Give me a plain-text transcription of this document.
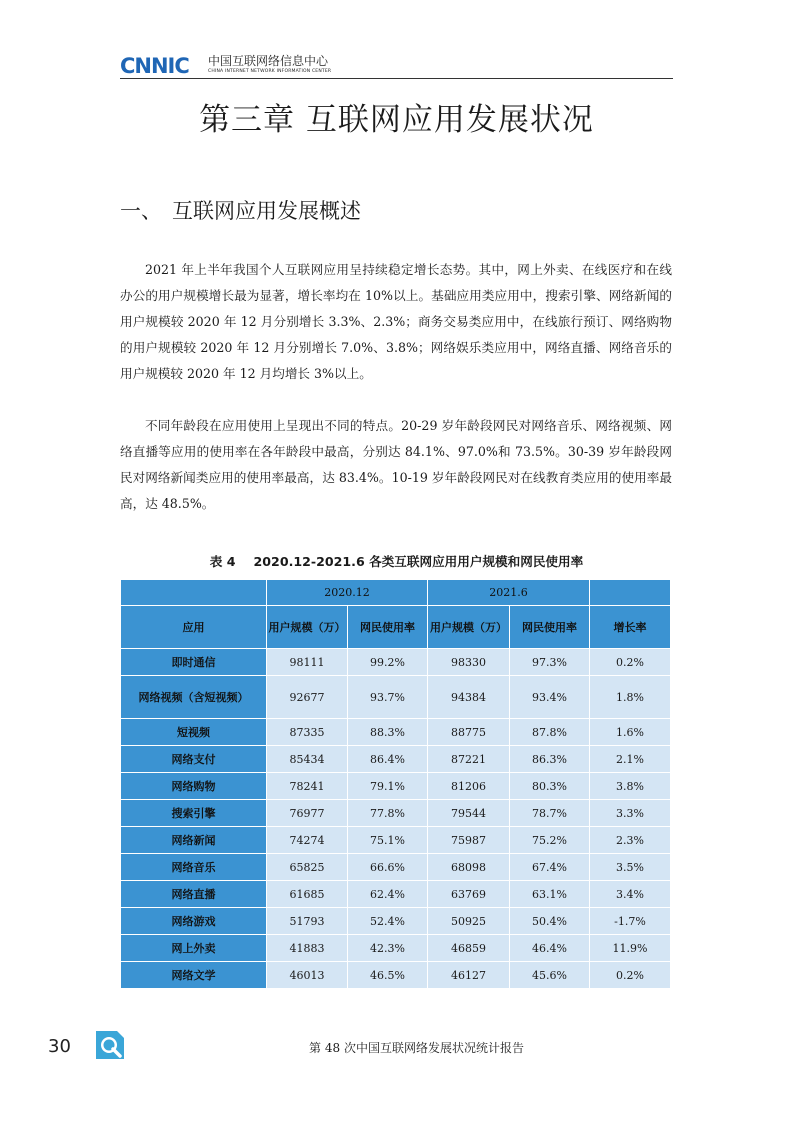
CNNIC 中国互联网络信息中心
CHINA INTERNET NETWORK INFORMATION CENTER
第三章 互联网应用发展状况
一、 互联网应用发展概述

2021 年上半年我国个人互联网应用呈持续稳定增长态势。其中，网上外卖、在线医疗和在线办公的用户规模增长最为显著，增长率均在 10%以上。基础应用类应用中，搜索引擎、网络新闻的用户规模较 2020 年 12 月分别增长 3.3%、2.3%；商务交易类应用中，在线旅行预订、网络购物的用户规模较 2020 年 12 月分别增长 7.0%、3.8%；网络娱乐类应用中，网络直播、网络音乐的用户规模较 2020 年 12 月均增长 3%以上。

不同年龄段在应用使用上呈现出不同的特点。20-29 岁年龄段网民对网络音乐、网络视频、网络直播等应用的使用率在各年龄段中最高，分别达 84.1%、97.0%和 73.5%。30-39 岁年龄段网民对网络新闻类应用的使用率最高，达 83.4%。10-19 岁年龄段网民对在线教育类应用的使用率最高，达 48.5%。

表 4 2020.12-2021.6 各类互联网应用用户规模和网民使用率
	2020.12		2021.6		
应用	用户规模（万）	网民使用率	用户规模（万）	网民使用率	增长率
即时通信	98111	99.2%	98330	97.3%	0.2%
网络视频（含短视频）	92677	93.7%	94384	93.4%	1.8%
短视频	87335	88.3%	88775	87.8%	1.6%
网络支付	85434	86.4%	87221	86.3%	2.1%
网络购物	78241	79.1%	81206	80.3%	3.8%
搜索引擎	76977	77.8%	79544	78.7%	3.3%
网络新闻	74274	75.1%	75987	75.2%	2.3%
网络音乐	65825	66.6%	68098	67.4%	3.5%
网络直播	61685	62.4%	63769	63.1%	3.4%
网络游戏	51793	52.4%	50925	50.4%	-1.7%
网上外卖	41883	42.3%	46859	46.4%	11.9%
网络文学	46013	46.5%	46127	45.6%	0.2%
30	第 48 次中国互联网络发展状况统计报告
